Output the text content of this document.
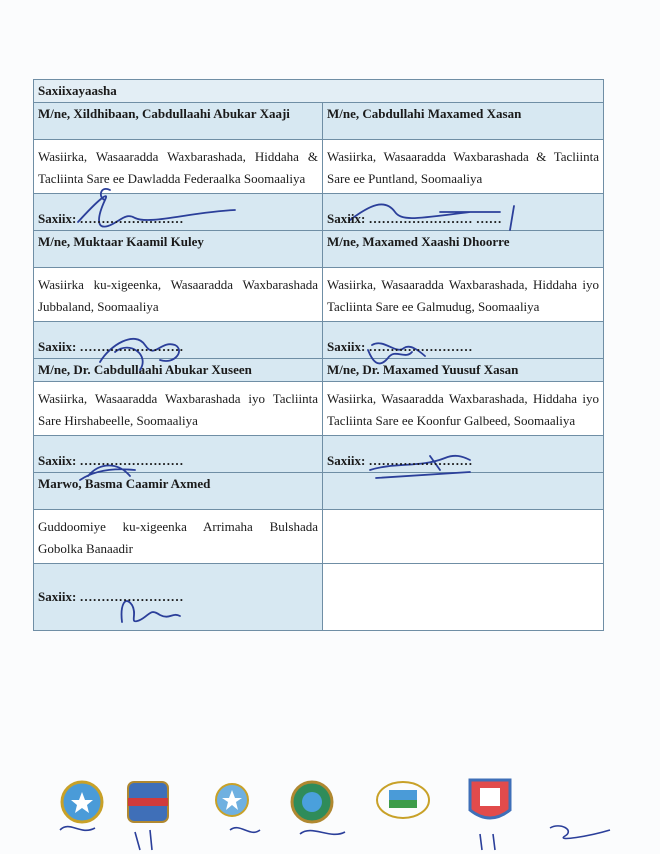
Saxiixayaasha	
M/ne, Xildhibaan, Cabdullaahi Abukar Xaaji	M/ne, Cabdullahi Maxamed Xasan
Wasiirka, Wasaaradda Waxbarashada, Hiddaha & Tacliinta Sare ee Dawladda Federaalka Soomaaliya	Wasiirka, Wasaaradda Waxbarashada & Tacliinta Sare ee Puntland, Soomaaliya
Saxiix: ……………………	Saxiix: …………………… ……
M/ne, Muktaar Kaamil Kuley	M/ne, Maxamed Xaashi Dhoorre
Wasiirka ku-xigeenka, Wasaaradda Waxbarashada Jubbaland, Soomaaliya	Wasiirka, Wasaaradda Waxbarashada, Hiddaha iyo Tacliinta Sare ee Galmudug, Soomaaliya
Saxiix: ……………………	Saxiix: ……………………
M/ne, Dr. Cabdullaahi Abukar Xuseen	M/ne, Dr. Maxamed Yuusuf Xasan
Wasiirka, Wasaaradda Waxbarashada iyo Tacliinta Sare Hirshabeelle, Soomaaliya	Wasiirka, Wasaaradda Waxbarashada, Hiddaha iyo Tacliinta Sare ee Koonfur Galbeed, Soomaaliya
Saxiix: ……………………	Saxiix: ……………………
Marwo, Basma Caamir Axmed	
Guddoomiye ku-xigeenka Arrimaha Bulshada Gobolka Banaadir	
Saxiix: ……………………	
